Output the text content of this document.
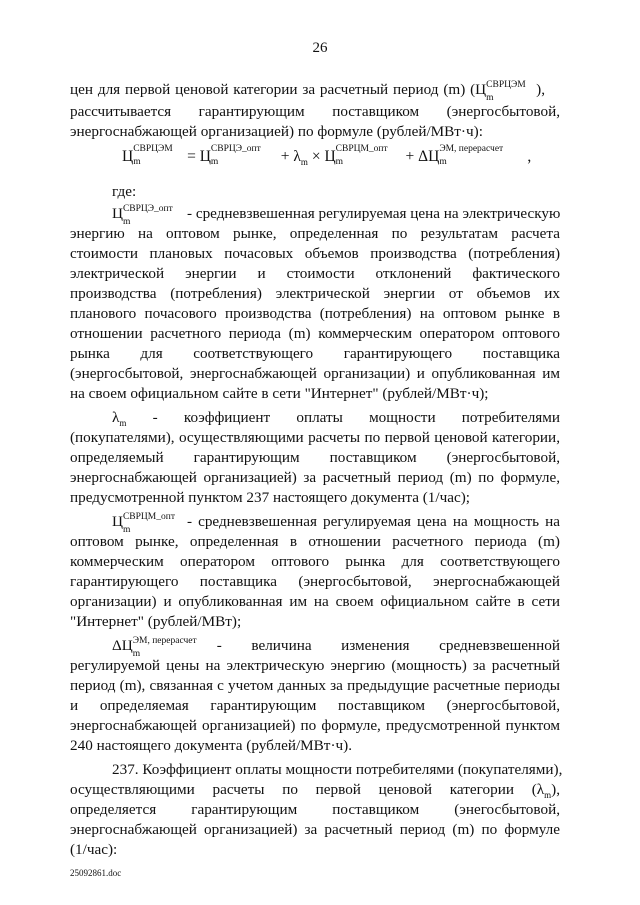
26
цен для первой ценовой категории за расчетный период (m) (Ц СВРЦЭМ
m	),
рассчитывается гарантирующим поставщиком (энергосбытовой,
энергоснабжающей организацией) по формуле (рублей/МВт·ч):
Ц СВРЦЭМ
m	= Ц СВРЦЭ_опт
m	+ $\lambda_m \times Ц$ СВРЦМ_опт
m	+ ΔЦ ЭМ, перерасчет
m	,
где:
Ц СВРЦЭ_опт
m	- средневзвешенная регулируемая цена на электрическую
энергию на оптовом рынке, определенная по результатам расчета
стоимости плановых почасовых объемов производства (потребления)
электрической энергии и стоимости отклонений фактического
производства (потребления) электрической энергии от объемов их
планового почасового производства (потребления) на оптовом рынке в
отношении расчетного периода (m) коммерческим оператором оптового
рынка для соответствующего гарантирующего поставщика
(энергосбытовой, энергоснабжающей организации) и опубликованная им
на своем официальном сайте в сети "Интернет" (рублей/МВт·ч);
$\lambda_m$ - коэффициент оплаты мощности потребителями
(покупателями), осуществляющими расчеты по первой ценовой категории,
определяемый гарантирующим поставщиком (энергосбытовой,
энергоснабжающей организацией) за расчетный период (m) по формуле,
предусмотренной пунктом 237 настоящего документа (1/час);
Ц СВРЦМ_опт
m	- средневзвешенная регулируемая цена на мощность на
оптовом рынке, определенная в отношении расчетного периода (m)
коммерческим оператором оптового рынка для соответствующего
гарантирующего поставщика (энергосбытовой, энергоснабжающей
организации) и опубликованная им на своем официальном сайте в сети
"Интернет" (рублей/МВт);
ΔЦ ЭМ, перерасчет
m	- величина изменения средневзвешенной
регулируемой цены на электрическую энергию (мощность) за расчетный
период (m), связанная с учетом данных за предыдущие расчетные периоды
и определяемая гарантирующим поставщиком (энергосбытовой,
энергоснабжающей организацией) по формуле, предусмотренной пунктом
240 настоящего документа (рублей/МВт·ч).
237. Коэффициент оплаты мощности потребителями (покупателями),
осуществляющими расчеты по первой ценовой категории $(\lambda_m)$,
определяется гарантирующим поставщиком (энегосбытовой,
энергоснабжающей организацией) за расчетный период (m) по формуле
(1/час):
25092861.doc
